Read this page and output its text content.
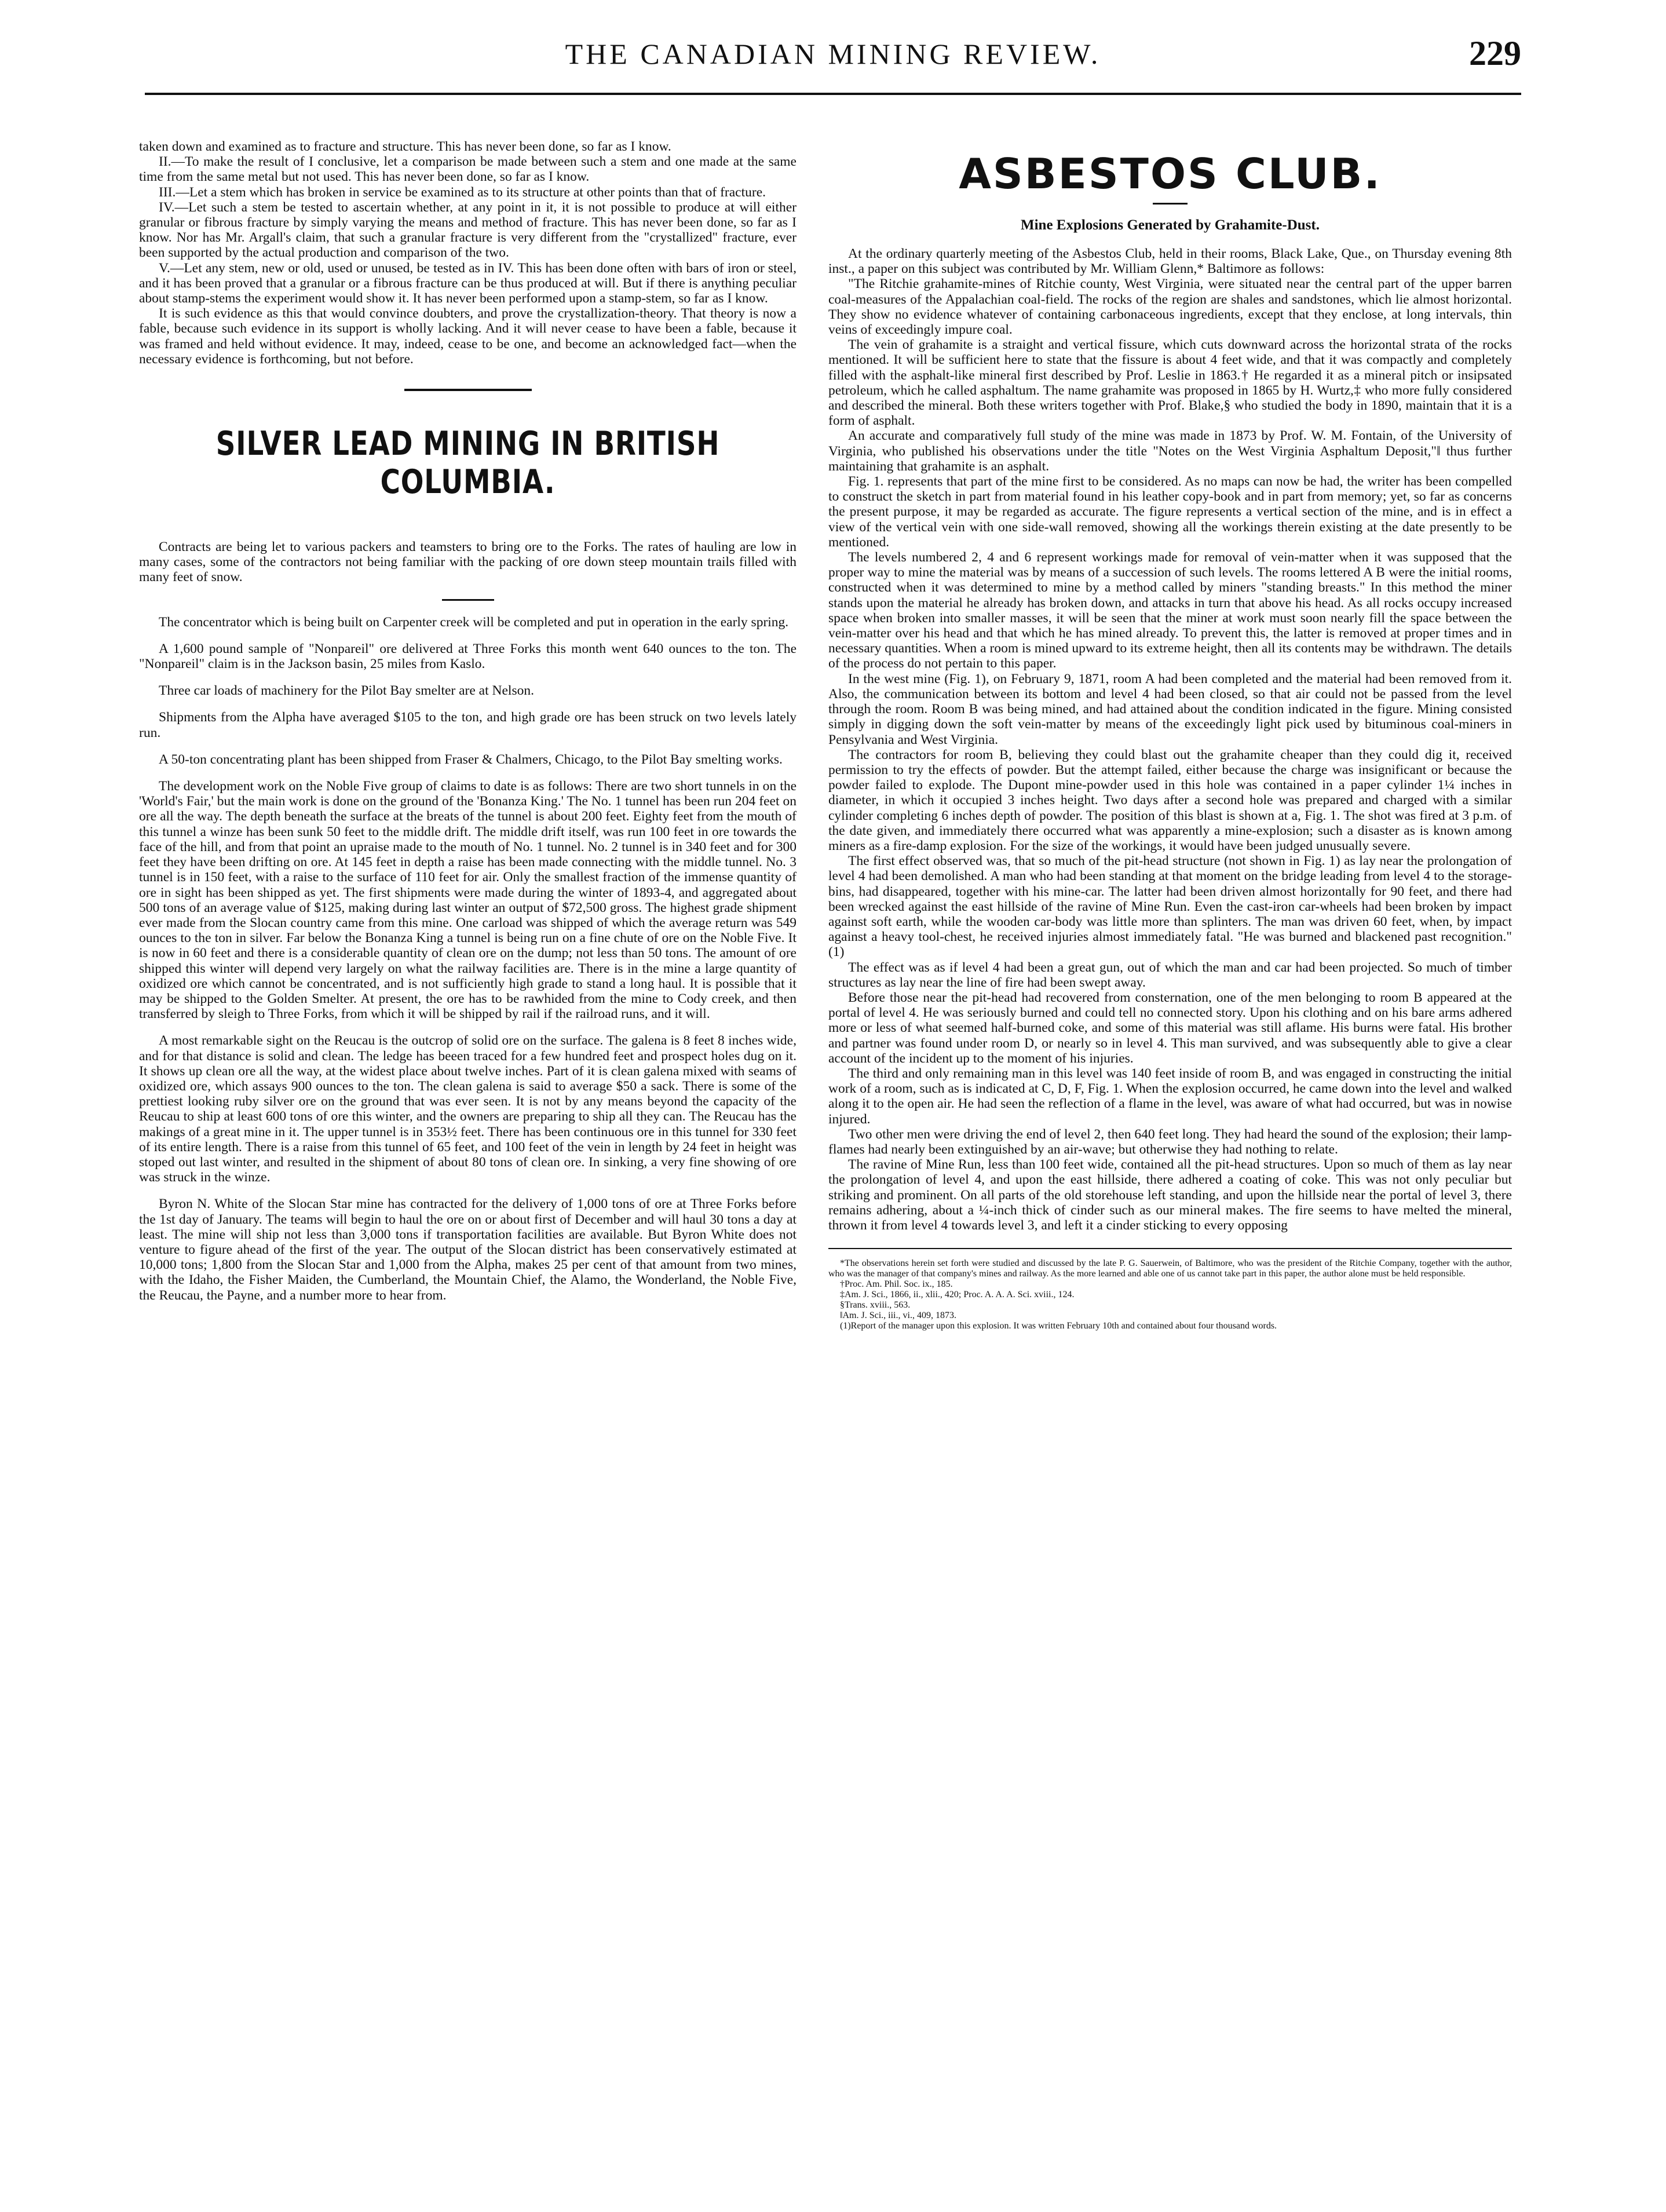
THE CANADIAN MINING REVIEW.	229

taken down and examined as to fracture and structure. This has never been done, so far as I know.

II.—To make the result of I conclusive, let a comparison be made between such a stem and one made at the same time from the same metal but not used. This has never been done, so far as I know.

III.—Let a stem which has broken in service be examined as to its structure at other points than that of fracture.

IV.—Let such a stem be tested to ascertain whether, at any point in it, it is not possible to produce at will either granular or fibrous fracture by simply varying the means and method of fracture. This has never been done, so far as I know. Nor has Mr. Argall's claim, that such a granular fracture is very different from the "crystallized" fracture, ever been supported by the actual production and comparison of the two.

V.—Let any stem, new or old, used or unused, be tested as in IV. This has been done often with bars of iron or steel, and it has been proved that a granular or a fibrous fracture can be thus produced at will. But if there is anything peculiar about stamp-stems the experiment would show it. It has never been performed upon a stamp-stem, so far as I know.

It is such evidence as this that would convince doubters, and prove the crystallization-theory. That theory is now a fable, because such evidence in its support is wholly lacking. And it will never cease to have been a fable, because it was framed and held without evidence. It may, indeed, cease to be one, and become an acknowledged fact—when the necessary evidence is forthcoming, but not before.

SILVER LEAD MINING IN BRITISH COLUMBIA.

Contracts are being let to various packers and teamsters to bring ore to the Forks. The rates of hauling are low in many cases, some of the contractors not being familiar with the packing of ore down steep mountain trails filled with many feet of snow.

The concentrator which is being built on Carpenter creek will be completed and put in operation in the early spring.

A 1,600 pound sample of "Nonpareil" ore delivered at Three Forks this month went 640 ounces to the ton. The "Nonpareil" claim is in the Jackson basin, 25 miles from Kaslo.

Three car loads of machinery for the Pilot Bay smelter are at Nelson.

Shipments from the Alpha have averaged $105 to the ton, and high grade ore has been struck on two levels lately run.

A 50-ton concentrating plant has been shipped from Fraser & Chalmers, Chicago, to the Pilot Bay smelting works.

The development work on the Noble Five group of claims to date is as follows: There are two short tunnels in on the 'World's Fair,' but the main work is done on the ground of the 'Bonanza King.' The No. 1 tunnel has been run 204 feet on ore all the way. The depth beneath the surface at the breats of the tunnel is about 200 feet. Eighty feet from the mouth of this tunnel a winze has been sunk 50 feet to the middle drift. The middle drift itself, was run 100 feet in ore towards the face of the hill, and from that point an upraise made to the mouth of No. 1 tunnel. No. 2 tunnel is in 340 feet and for 300 feet they have been drifting on ore. At 145 feet in depth a raise has been made connecting with the middle tunnel. No. 3 tunnel is in 150 feet, with a raise to the surface of 110 feet for air. Only the smallest fraction of the immense quantity of ore in sight has been shipped as yet. The first shipments were made during the winter of 1893-4, and aggregated about 500 tons of an average value of $125, making during last winter an output of $72,500 gross. The highest grade shipment ever made from the Slocan country came from this mine. One carload was shipped of which the average return was 549 ounces to the ton in silver. Far below the Bonanza King a tunnel is being run on a fine chute of ore on the Noble Five. It is now in 60 feet and there is a considerable quantity of clean ore on the dump; not less than 50 tons. The amount of ore shipped this winter will depend very largely on what the railway facilities are. There is in the mine a large quantity of oxidized ore which cannot be concentrated, and is not sufficiently high grade to stand a long haul. It is possible that it may be shipped to the Golden Smelter. At present, the ore has to be rawhided from the mine to Cody creek, and then transferred by sleigh to Three Forks, from which it will be shipped by rail if the railroad runs, and it will.

A most remarkable sight on the Reucau is the outcrop of solid ore on the surface. The galena is 8 feet 8 inches wide, and for that distance is solid and clean. The ledge has beeen traced for a few hundred feet and prospect holes dug on it. It shows up clean ore all the way, at the widest place about twelve inches. Part of it is clean galena mixed with seams of oxidized ore, which assays 900 ounces to the ton. The clean galena is said to average $50 a sack. There is some of the prettiest looking ruby silver ore on the ground that was ever seen. It is not by any means beyond the capacity of the Reucau to ship at least 600 tons of ore this winter, and the owners are preparing to ship all they can. The Reucau has the makings of a great mine in it. The upper tunnel is in 353½ feet. There has been continuous ore in this tunnel for 330 feet of its entire length. There is a raise from this tunnel of 65 feet, and 100 feet of the vein in length by 24 feet in height was stoped out last winter, and resulted in the shipment of about 80 tons of clean ore. In sinking, a very fine showing of ore was struck in the winze.

Byron N. White of the Slocan Star mine has contracted for the delivery of 1,000 tons of ore at Three Forks before the 1st day of January. The teams will begin to haul the ore on or about first of December and will haul 30 tons a day at least. The mine will ship not less than 3,000 tons if transportation facilities are available. But Byron White does not venture to figure ahead of the first of the year. The output of the Slocan district has been conservatively estimated at 10,000 tons; 1,800 from the Slocan Star and 1,000 from the Alpha, makes 25 per cent of that amount from two mines, with the Idaho, the Fisher Maiden, the Cumberland, the Mountain Chief, the Alamo, the Wonderland, the Noble Five, the Reucau, the Payne, and a number more to hear from.

ASBESTOS CLUB.
Mine Explosions Generated by Grahamite-Dust.

At the ordinary quarterly meeting of the Asbestos Club, held in their rooms, Black Lake, Que., on Thursday evening 8th inst., a paper on this subject was contributed by Mr. William Glenn,* Baltimore as follows:

"The Ritchie grahamite-mines of Ritchie county, West Virginia, were situated near the central part of the upper barren coal-measures of the Appalachian coal-field. The rocks of the region are shales and sandstones, which lie almost horizontal. They show no evidence whatever of containing carbonaceous ingredients, except that they enclose, at long intervals, thin veins of exceedingly impure coal.

The vein of grahamite is a straight and vertical fissure, which cuts downward across the horizontal strata of the rocks mentioned. It will be sufficient here to state that the fissure is about 4 feet wide, and that it was compactly and completely filled with the asphalt-like mineral first described by Prof. Leslie in 1863.† He regarded it as a mineral pitch or insipsated petroleum, which he called asphaltum. The name grahamite was proposed in 1865 by H. Wurtz,‡ who more fully considered and described the mineral. Both these writers together with Prof. Blake,§ who studied the body in 1890, maintain that it is a form of asphalt.

An accurate and comparatively full study of the mine was made in 1873 by Prof. W. M. Fontain, of the University of Virginia, who published his observations under the title "Notes on the West Virginia Asphaltum Deposit,"‖ thus further maintaining that grahamite is an asphalt.

Fig. 1. represents that part of the mine first to be considered. As no maps can now be had, the writer has been compelled to construct the sketch in part from material found in his leather copy-book and in part from memory; yet, so far as concerns the present purpose, it may be regarded as accurate. The figure represents a vertical section of the mine, and is in effect a view of the vertical vein with one side-wall removed, showing all the workings therein existing at the date presently to be mentioned.

The levels numbered 2, 4 and 6 represent workings made for removal of vein-matter when it was supposed that the proper way to mine the material was by means of a succession of such levels. The rooms lettered A B were the initial rooms, constructed when it was determined to mine by a method called by miners "standing breasts." In this method the miner stands upon the material he already has broken down, and attacks in turn that above his head. As all rocks occupy increased space when broken into smaller masses, it will be seen that the miner at work must soon nearly fill the space between the vein-matter over his head and that which he has mined already. To prevent this, the latter is removed at proper times and in necessary quantities. When a room is mined upward to its extreme height, then all its contents may be withdrawn. The details of the process do not pertain to this paper.

In the west mine (Fig. 1), on February 9, 1871, room A had been completed and the material had been removed from it. Also, the communication between its bottom and level 4 had been closed, so that air could not be passed from the level through the room. Room B was being mined, and had attained about the condition indicated in the figure. Mining consisted simply in digging down the soft vein-matter by means of the exceedingly light pick used by bituminous coal-miners in Pensylvania and West Virginia.

The contractors for room B, believing they could blast out the grahamite cheaper than they could dig it, received permission to try the effects of powder. But the attempt failed, either because the charge was insignificant or because the powder failed to explode. The Dupont mine-powder used in this hole was contained in a paper cylinder 1¼ inches in diameter, in which it occupied 3 inches height. Two days after a second hole was prepared and charged with a similar cylinder completing 6 inches depth of powder. The position of this blast is shown at a, Fig. 1. The shot was fired at 3 p.m. of the date given, and immediately there occurred what was apparently a mine-explosion; such a disaster as is known among miners as a fire-damp explosion. For the size of the workings, it would have been judged unusually severe.

The first effect observed was, that so much of the pit-head structure (not shown in Fig. 1) as lay near the prolongation of level 4 had been demolished. A man who had been standing at that moment on the bridge leading from level 4 to the storage-bins, had disappeared, together with his mine-car. The latter had been driven almost horizontally for 90 feet, and there had been wrecked against the east hillside of the ravine of Mine Run. Even the cast-iron car-wheels had been broken by impact against soft earth, while the wooden car-body was little more than splinters. The man was driven 60 feet, when, by impact against a heavy tool-chest, he received injuries almost immediately fatal. "He was burned and blackened past recognition."(1)

The effect was as if level 4 had been a great gun, out of which the man and car had been projected. So much of timber structures as lay near the line of fire had been swept away.

Before those near the pit-head had recovered from consternation, one of the men belonging to room B appeared at the portal of level 4. He was seriously burned and could tell no connected story. Upon his clothing and on his bare arms adhered more or less of what seemed half-burned coke, and some of this material was still aflame. His burns were fatal. His brother and partner was found under room D, or nearly so in level 4. This man survived, and was subsequently able to give a clear account of the incident up to the moment of his injuries.

The third and only remaining man in this level was 140 feet inside of room B, and was engaged in constructing the initial work of a room, such as is indicated at C, D, F, Fig. 1. When the explosion occurred, he came down into the level and walked along it to the open air. He had seen the reflection of a flame in the level, was aware of what had occurred, but was in nowise injured.

Two other men were driving the end of level 2, then 640 feet long. They had heard the sound of the explosion; their lamp-flames had nearly been extinguished by an air-wave; but otherwise they had nothing to relate.

The ravine of Mine Run, less than 100 feet wide, contained all the pit-head structures. Upon so much of them as lay near the prolongation of level 4, and upon the east hillside, there adhered a coating of coke. This was not only peculiar but striking and prominent. On all parts of the old storehouse left standing, and upon the hillside near the portal of level 3, there remains adhering, about a ¼-inch thick of cinder such as our mineral makes. The fire seems to have melted the mineral, thrown it from level 4 towards level 3, and left it a cinder sticking to every opposing

*The observations herein set forth were studied and discussed by the late P. G. Sauerwein, of Baltimore, who was the president of the Ritchie Company, together with the author, who was the manager of that company's mines and railway. As the more learned and able one of us cannot take part in this paper, the author alone must be held responsible.

†Proc. Am. Phil. Soc. ix., 185.

‡Am. J. Sci., 1866, ii., xlii., 420; Proc. A. A. A. Sci. xviii., 124.

§Trans. xviii., 563.

‖Am. J. Sci., iii., vi., 409, 1873.

(1)Report of the manager upon this explosion. It was written February 10th and contained about four thousand words.
